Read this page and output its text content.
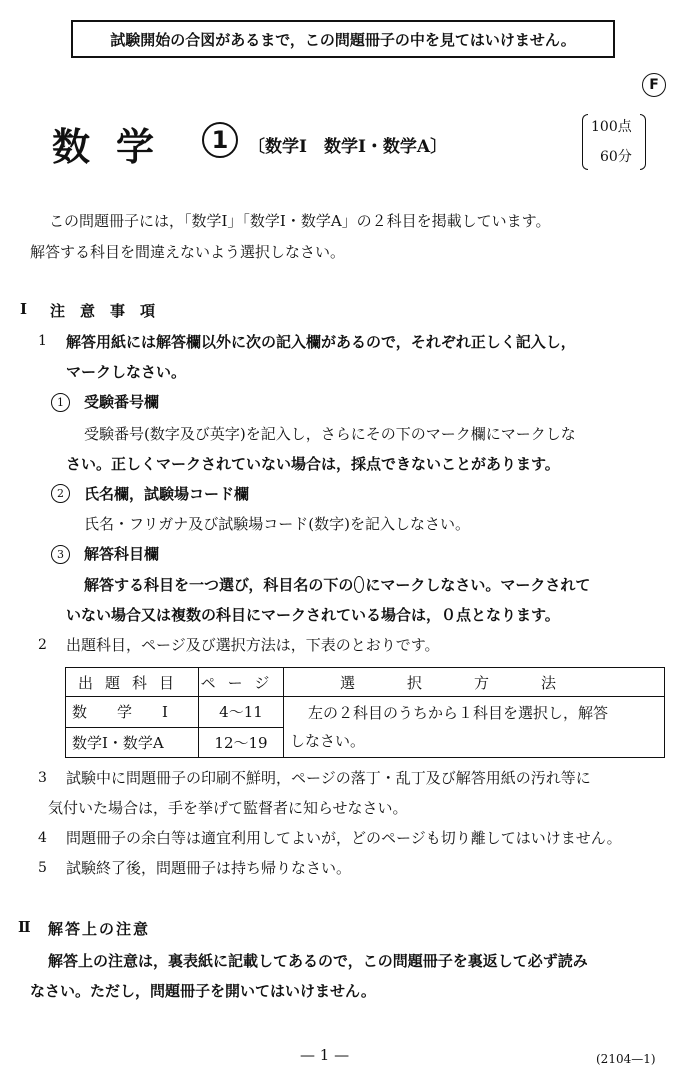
試験開始の合図があるまで，この問題冊子の中を見てはいけません。
F
数学	1	〔数学Ⅰ　数学Ⅰ・数学A〕
100点
60分
この問題冊子には，「数学Ⅰ」「数学Ⅰ・数学A」の２科目を掲載しています。
解答する科目を間違えないよう選択しなさい。
Ⅰ 注意事項
1 解答用紙には解答欄以外に次の記入欄があるので，それぞれ正しく記入し，
マークしなさい。
1	受験番号欄
受験番号(数字及び英字)を記入し，さらにその下のマーク欄にマークしな
さい。正しくマークされていない場合は，採点できないことがあります。
2	氏名欄，試験場コード欄
氏名・フリガナ及び試験場コード(数字)を記入しなさい。
3	解答科目欄
解答する科目を一つ選び，科目名の下の にマークしなさい。マークされて
いない場合又は複数の科目にマークされている場合は，０点となります。
2 出題科目，ページ及び選択方法は，下表のとおりです。
出題科目	ページ	選択方法
数　　学　　Ⅰ	4〜11	左の２科目のうちから１科目を選択し，解答
しなさい。
数学Ⅰ・数学A	12〜19	
3 試験中に問題冊子の印刷不鮮明，ページの落丁・乱丁及び解答用紙の汚れ等に
気付いた場合は，手を挙げて監督者に知らせなさい。
4 問題冊子の余白等は適宜利用してよいが，どのページも切り離してはいけません。
5 試験終了後，問題冊子は持ち帰りなさい。
Ⅱ 解答上の注意
解答上の注意は，裏表紙に記載してあるので，この問題冊子を裏返して必ず読み
なさい。ただし，問題冊子を開いてはいけません。
— 1 —	(2104—1)
